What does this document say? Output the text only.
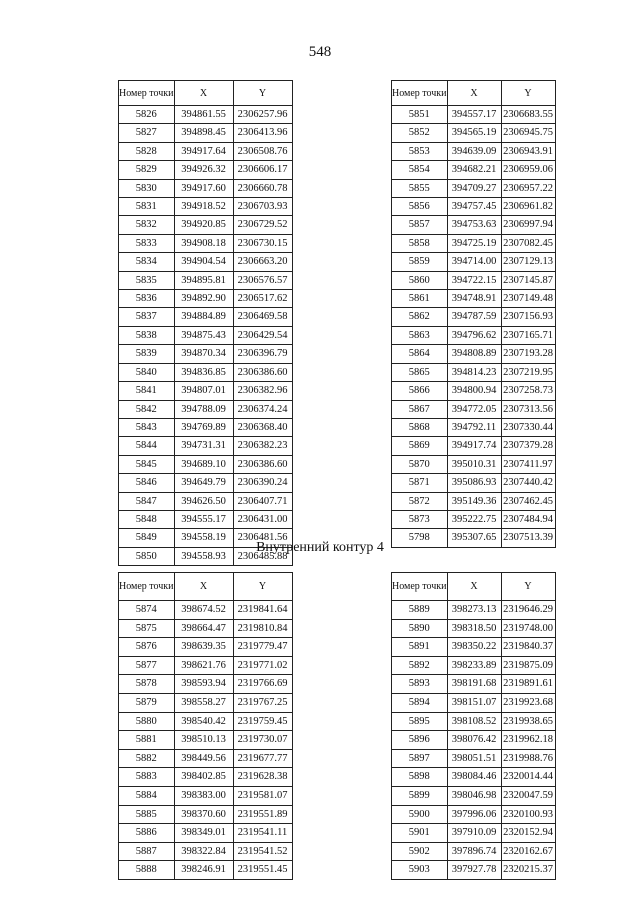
548
Номер точки	X	Y
5826	394861.55	2306257.96
5827	394898.45	2306413.96
5828	394917.64	2306508.76
5829	394926.32	2306606.17
5830	394917.60	2306660.78
5831	394918.52	2306703.93
5832	394920.85	2306729.52
5833	394908.18	2306730.15
5834	394904.54	2306663.20
5835	394895.81	2306576.57
5836	394892.90	2306517.62
5837	394884.89	2306469.58
5838	394875.43	2306429.54
5839	394870.34	2306396.79
5840	394836.85	2306386.60
5841	394807.01	2306382.96
5842	394788.09	2306374.24
5843	394769.89	2306368.40
5844	394731.31	2306382.23
5845	394689.10	2306386.60
5846	394649.79	2306390.24
5847	394626.50	2306407.71
5848	394555.17	2306431.00
5849	394558.19	2306481.56
5850	394558.93	2306485.88
Номер точки	X	Y
5851	394557.17	2306683.55
5852	394565.19	2306945.75
5853	394639.09	2306943.91
5854	394682.21	2306959.06
5855	394709.27	2306957.22
5856	394757.45	2306961.82
5857	394753.63	2306997.94
5858	394725.19	2307082.45
5859	394714.00	2307129.13
5860	394722.15	2307145.87
5861	394748.91	2307149.48
5862	394787.59	2307156.93
5863	394796.62	2307165.71
5864	394808.89	2307193.28
5865	394814.23	2307219.95
5866	394800.94	2307258.73
5867	394772.05	2307313.56
5868	394792.11	2307330.44
5869	394917.74	2307379.28
5870	395010.31	2307411.97
5871	395086.93	2307440.42
5872	395149.36	2307462.45
5873	395222.75	2307484.94
5798	395307.65	2307513.39
Внутренний контур 4
Номер точки	X	Y
5874	398674.52	2319841.64
5875	398664.47	2319810.84
5876	398639.35	2319779.47
5877	398621.76	2319771.02
5878	398593.94	2319766.69
5879	398558.27	2319767.25
5880	398540.42	2319759.45
5881	398510.13	2319730.07
5882	398449.56	2319677.77
5883	398402.85	2319628.38
5884	398383.00	2319581.07
5885	398370.60	2319551.89
5886	398349.01	2319541.11
5887	398322.84	2319541.52
5888	398246.91	2319551.45
Номер точки	X	Y
5889	398273.13	2319646.29
5890	398318.50	2319748.00
5891	398350.22	2319840.37
5892	398233.89	2319875.09
5893	398191.68	2319891.61
5894	398151.07	2319923.68
5895	398108.52	2319938.65
5896	398076.42	2319962.18
5897	398051.51	2319988.76
5898	398084.46	2320014.44
5899	398046.98	2320047.59
5900	397996.06	2320100.93
5901	397910.09	2320152.94
5902	397896.74	2320162.67
5903	397927.78	2320215.37
